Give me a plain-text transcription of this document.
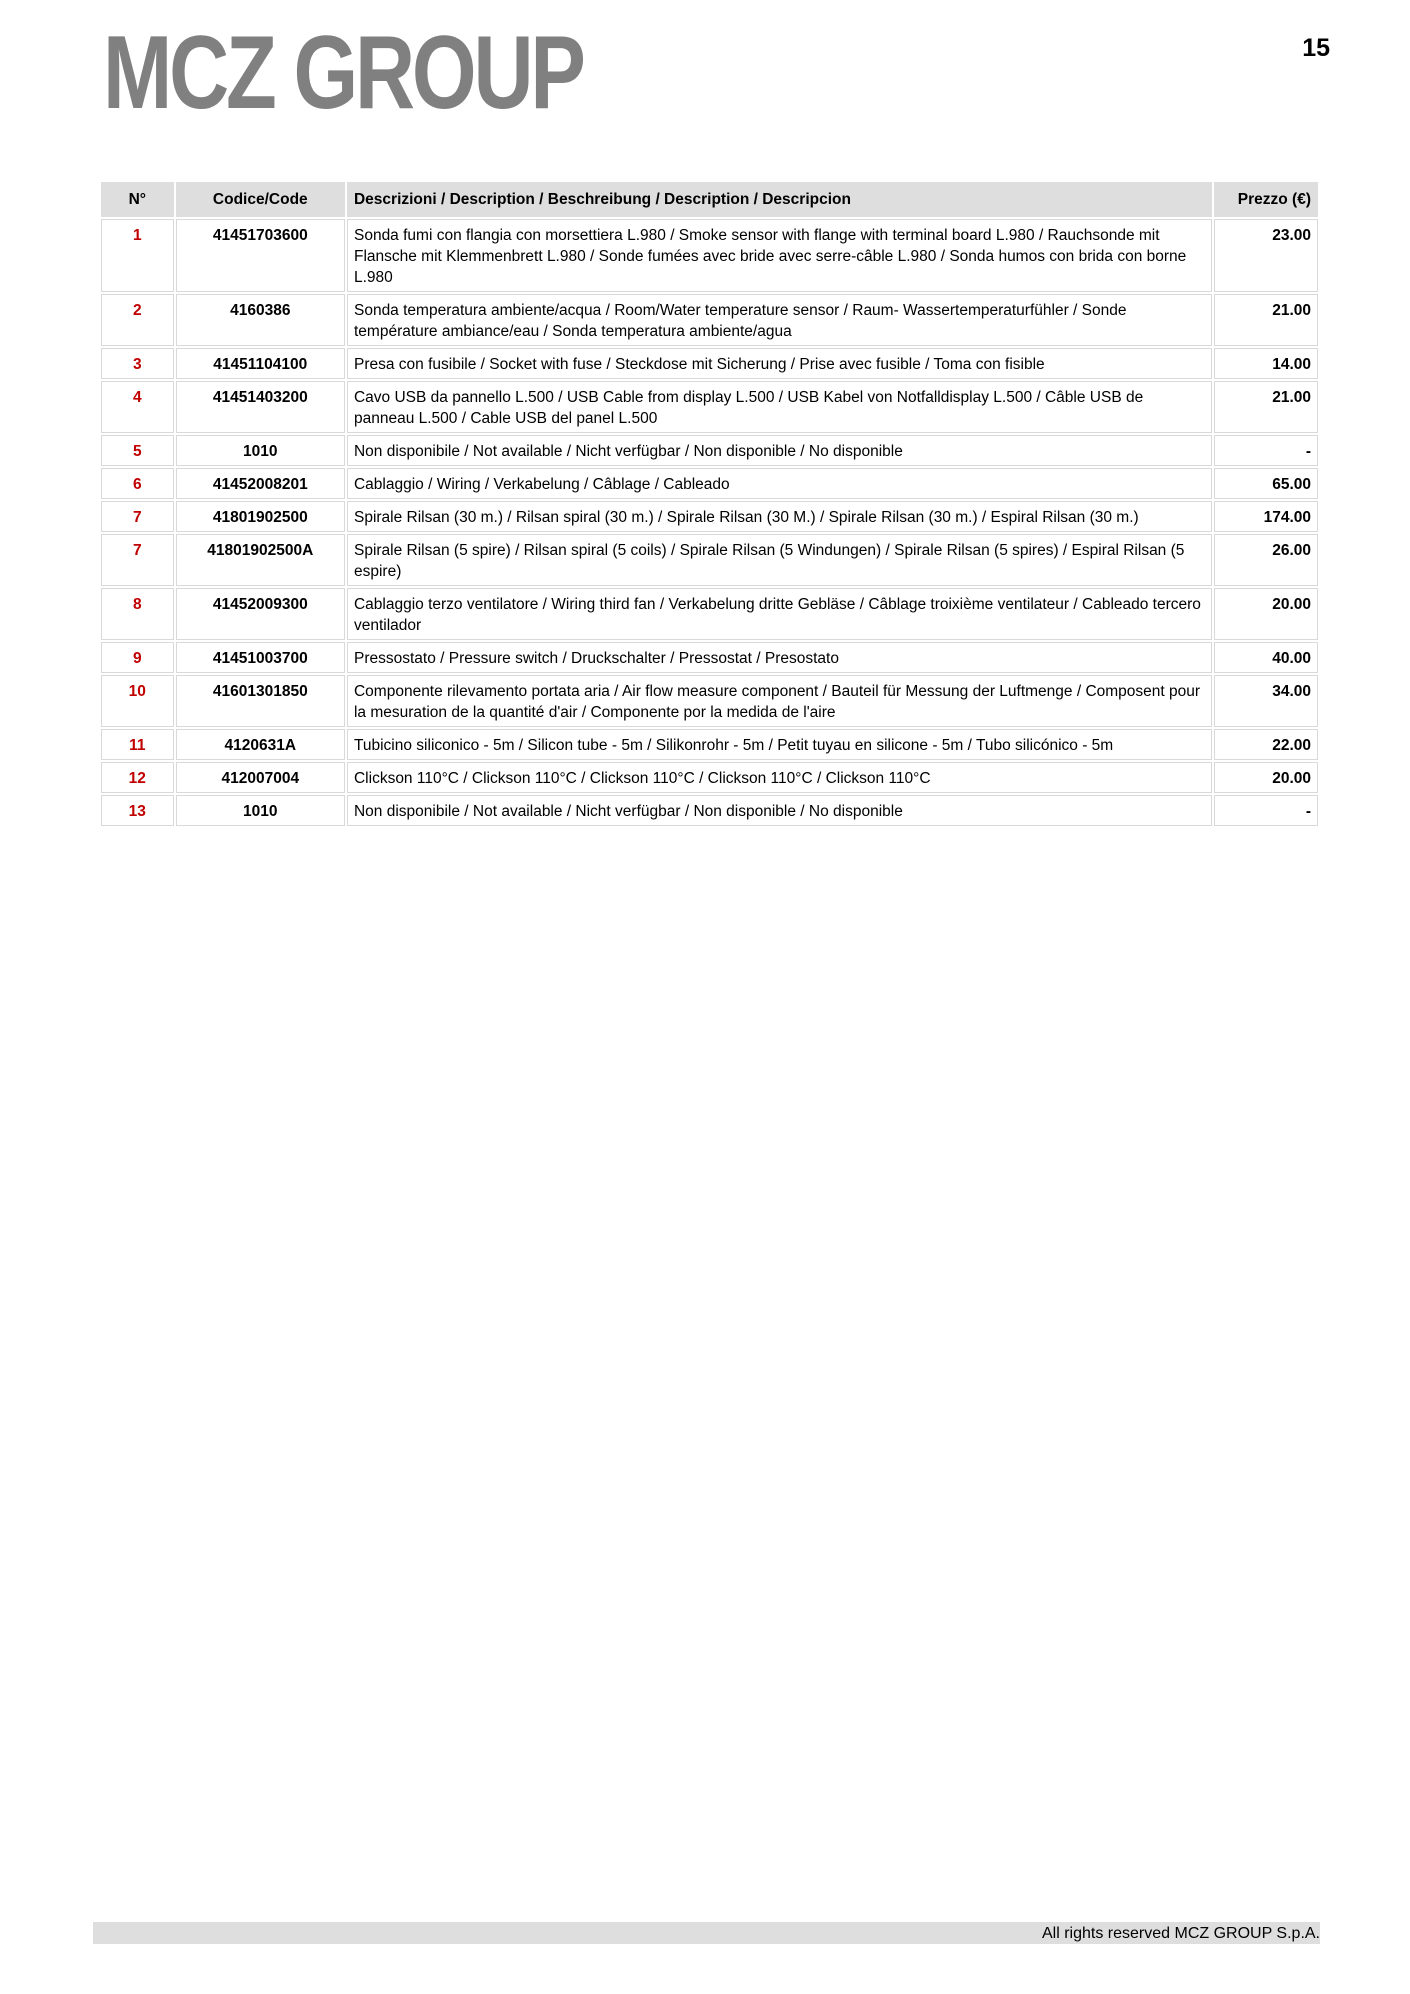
MCZ GROUP	15
N°	Codice/Code	Descrizioni / Description / Beschreibung / Description / Descripcion	Prezzo (€)
1	41451703600	Sonda fumi con flangia con morsettiera L.980 / Smoke sensor with flange with terminal board L.980 / Rauchsonde mit Flansche mit Klemmenbrett L.980 / Sonde fumées avec bride avec serre-câble L.980 / Sonda humos con brida con borne L.980	23.00
2	4160386	Sonda temperatura ambiente/acqua / Room/Water temperature sensor / Raum- Wassertemperaturfühler / Sonde température ambiance/eau / Sonda temperatura ambiente/agua	21.00
3	41451104100	Presa con fusibile / Socket with fuse / Steckdose mit Sicherung / Prise avec fusible / Toma con fisible	14.00
4	41451403200	Cavo USB da pannello L.500 / USB Cable from display L.500 / USB Kabel von Notfalldisplay L.500 / Câble USB de panneau L.500 / Cable USB del panel L.500	21.00
5	1010	Non disponibile / Not available / Nicht verfügbar / Non disponible / No disponible	-
6	41452008201	Cablaggio / Wiring / Verkabelung / Câblage / Cableado	65.00
7	41801902500	Spirale Rilsan (30 m.) / Rilsan spiral (30 m.) / Spirale Rilsan (30 M.) / Spirale Rilsan (30 m.) / Espiral Rilsan (30 m.)	174.00
7	41801902500A	Spirale Rilsan (5 spire) / Rilsan spiral (5 coils) / Spirale Rilsan (5 Windungen) / Spirale Rilsan (5 spires) / Espiral Rilsan (5 espire)	26.00
8	41452009300	Cablaggio terzo ventilatore / Wiring third fan / Verkabelung dritte Gebläse / Câblage troixième ventilateur / Cableado tercero ventilador	20.00
9	41451003700	Pressostato / Pressure switch / Druckschalter / Pressostat / Presostato	40.00
10	41601301850	Componente rilevamento portata aria / Air flow measure component / Bauteil für Messung der Luftmenge / Composent pour la mesuration de la quantité d'air / Componente por la medida de l'aire	34.00
11	4120631A	Tubicino siliconico - 5m / Silicon tube - 5m / Silikonrohr - 5m / Petit tuyau en silicone - 5m / Tubo silicónico - 5m	22.00
12	412007004	Clickson 110°C / Clickson 110°C / Clickson 110°C / Clickson 110°C / Clickson 110°C	20.00
13	1010	Non disponibile / Not available / Nicht verfügbar / Non disponible / No disponible	-
All rights reserved MCZ GROUP S.p.A.
